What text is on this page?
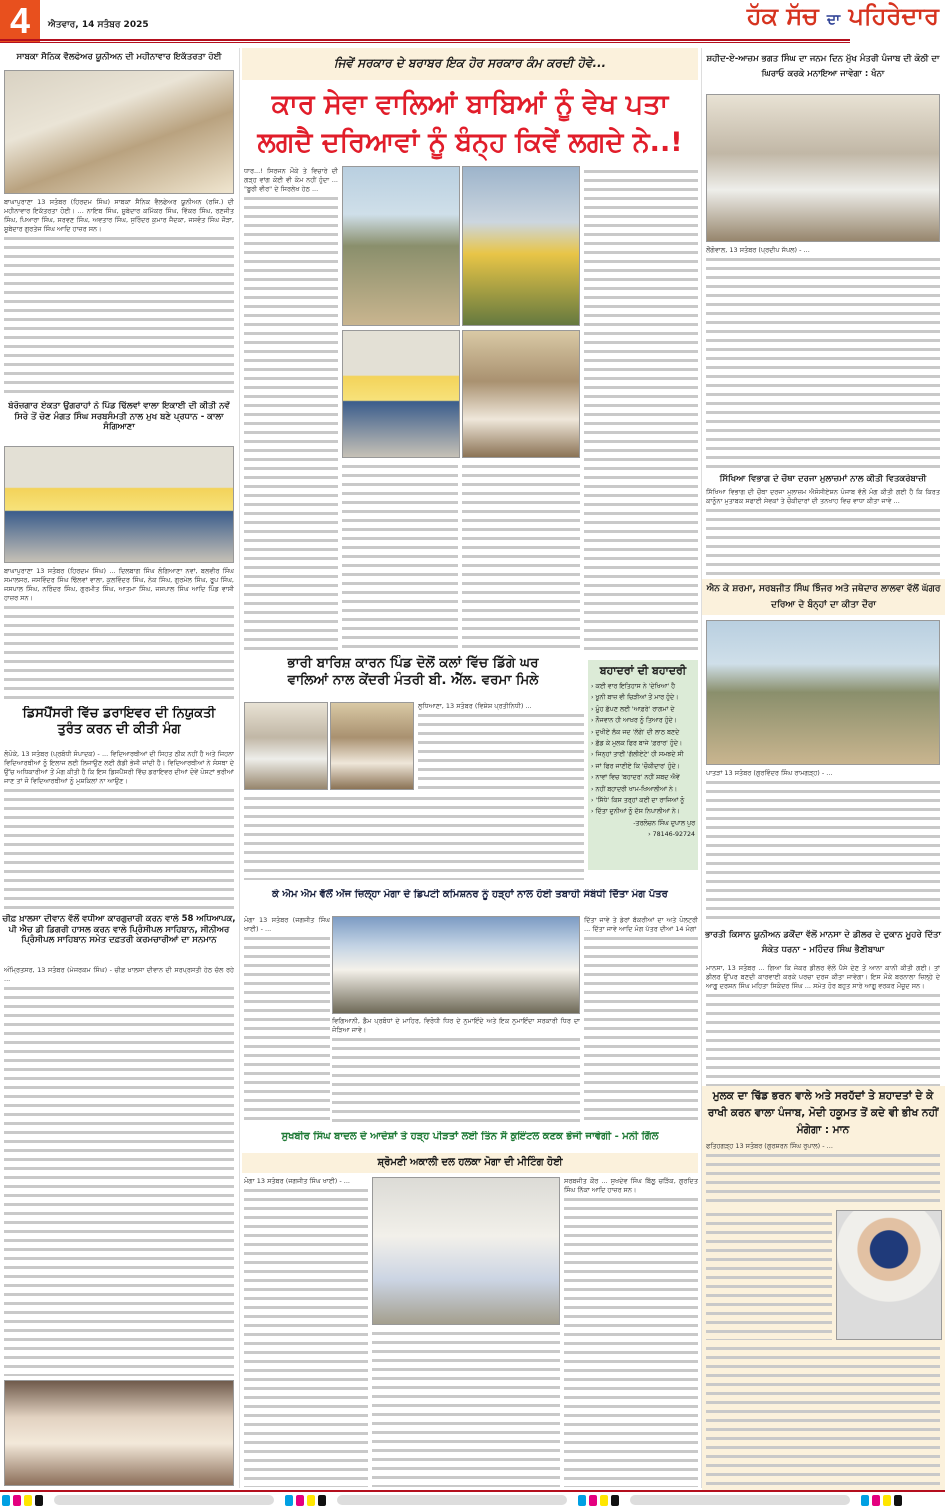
4	ਐਤਵਾਰ, 14 ਸਤੰਬਰ 2025	ਹੱਕ ਸੱਚ ਦਾ ਪਹਿਰੇਦਾਰ
ਸਾਬਕਾ ਸੈਨਿਕ ਵੈਲਫੇਅਰ ਯੂਨੀਅਨ ਦੀ ਮਹੀਨਾਵਾਰ ਇਕੱਤਰਤਾ ਹੋਈ

ਬਾਘਾਪੁਰਾਣਾ 13 ਸਤੰਬਰ (ਹਿਰਦਮ ਸਿੰਘ) ਸਾਬਕਾ ਸੈਨਿਕ ਵੈਲਫੇਅਰ ਯੂਨੀਅਨ (ਰਜਿ.) ਦੀ ਮਹੀਨਾਵਾਰ ਇਕੱਤਰਤਾ ਹੋਈ। ... ਨਾਇਬ ਸਿੰਘ, ਸੂਬੇਦਾਰ ਕਮਿੱਕਰ ਸਿੰਘ, ਵਿੱਕਰ ਸਿੰਘ, ਰਣਜੀਤ ਸਿੰਘ, ਪਿਆਰਾ ਸਿੰਘ, ਸਰਵਣ ਸਿੰਘ, ਅਵਤਾਰ ਸਿੰਘ, ਸੁਰਿੰਦਰ ਕੁਮਾਰ ਜੈਦਕਾ, ਜਸਵੰਤ ਸਿੰਘ ਜੌੜਾ, ਸੂਬੇਦਾਰ ਗੁਰਤੇਜ ਸਿੰਘ ਆਦਿ ਹਾਜ਼ਰ ਸਨ।

ਬੇਰੋਜ਼ਗਾਰ ਏਕਤਾ ਉਗਰਾਹਾਂ ਨੇ ਪਿੰਡ ਢਿੱਲਵਾਂ ਵਾਲਾ ਇਕਾਈ ਦੀ ਕੀਤੀ ਨਵੇਂ ਸਿਰੇ ਤੋਂ ਚੋਣ ਮੰਗਤ ਸਿੰਘ ਸਰਬਸੰਮਤੀ ਨਾਲ ਮੁਖ ਬਣੇ ਪ੍ਰਧਾਨ - ਕਾਲਾ ਸੰਗਿਆਣਾ

ਬਾਘਾਪੁਰਾਣਾ 13 ਸਤੰਬਰ (ਹਿਰਦਮ ਸਿੰਘ) ... ਦਿਲਬਾਗ ਸਿੰਘ ਲੰਗਿਆਣਾ ਨਵਾਂ, ਬਲਵੀਰ ਸਿੰਘ ਸਮਾਲਸਰ, ਜਸਵਿੰਦਰ ਸਿੰਘ ਢਿੱਲਵਾਂ ਵਾਲਾ, ਕੁਲਵਿੰਦਰ ਸਿੰਘ, ਨੇਕ ਸਿੰਘ, ਗੁਰਮੇਲ ਸਿੰਘ, ਰੂਪ ਸਿੰਘ, ਜਸਪਾਲ ਸਿੰਘ, ਨਰਿੰਦਰ ਸਿੰਘ, ਗੁਰਮੀਤ ਸਿੰਘ, ਆਤਮਾ ਸਿੰਘ, ਜਸਪਾਲ ਸਿੰਘ ਆਦਿ ਪਿੰਡ ਵਾਸੀ ਹਾਜ਼ਰ ਸਨ।

ਡਿਸਪੈਂਸਰੀ ਵਿੱਚ ਡਰਾਇਵਰ ਦੀ ਨਿਯੁਕਤੀ
ਤੁਰੰਤ ਕਰਨ ਦੀ ਕੀਤੀ ਮੰਗ

ਲੋਪੋਕੇ, 13 ਸਤੰਬਰ (ਪ੍ਰਬੰਧੀ ਸੰਪਾਦਕ) - ... ਵਿਦਿਆਰਥੀਆਂ ਦੀ ਸਿਹਤ ਠੀਕ ਨਹੀਂ ਹੈ ਅਤੇ ਜਿਹਨਾ ਵਿਦਿਆਰਥੀਆਂ ਨੂੰ ਇਲਾਜ ਲਈ ਲਿਜਾਉਣ ਲਈ ਗੱਡੀ ਭੇਜੀ ਜਾਂਦੀ ਹੈ। ਵਿਦਿਆਰਥੀਆਂ ਨੇ ਸੰਸਥਾ ਦੇ ਉੱਚ ਅਧਿਕਾਰੀਆਂ ਤੋਂ ਮੰਗ ਕੀਤੀ ਹੈ ਕਿ ਇਸ ਡਿਸਪੈਂਸਰੀ ਵਿੱਚ ਡਰਾਇਵਰ ਦੀਆਂ ਦੋਵੇਂ ਪੋਸਟਾਂ ਭਰੀਆਂ ਜਾਣ ਤਾਂ ਜੋ ਵਿਦਿਆਰਥੀਆਂ ਨੂੰ ਮੁਸ਼ਕਿਲਾਂ ਨਾ ਆਉਣ।

ਚੀਫ਼ ਖ਼ਾਲਸਾ ਦੀਵਾਨ ਵੱਲੋਂ ਵਧੀਆ ਕਾਰਗੁਜ਼ਾਰੀ ਕਰਨ ਵਾਲੇ 58 ਅਧਿਆਪਕ, ਪੀ ਐਚ ਡੀ ਡਿਗਰੀ ਹਾਸਲ ਕਰਨ ਵਾਲੇ ਪ੍ਰਿੰਸੀਪਲ ਸਾਹਿਬਾਨ, ਸੀਨੀਅਰ ਪ੍ਰਿੰਸੀਪਲ ਸਾਹਿਬਾਨ ਸਮੇਤ ਦਫ਼ਤਰੀ ਕਰਮਚਾਰੀਆਂ ਦਾ ਸਨਮਾਨ

ਅੰਮ੍ਰਿਤਸਰ, 13 ਸਤੰਬਰ (ਮੇਜਰਕਮ ਸਿੰਘ) - ਚੀਫ਼ ਖ਼ਾਲਸਾ ਦੀਵਾਨ ਦੀ ਸਰਪ੍ਰਸਤੀ ਹੇਠ ਚੱਲ ਰਹੇ ...

ਜਿਵੇਂ ਸਰਕਾਰ ਦੇ ਬਰਾਬਰ ਇਕ ਹੋਰ ਸਰਕਾਰ ਕੰਮ ਕਰਦੀ ਹੋਵੇ...
ਕਾਰ ਸੇਵਾ ਵਾਲਿਆਂ ਬਾਬਿਆਂ ਨੂੰ ਵੇਖ ਪਤਾ
ਲਗਦੈ ਦਰਿਆਵਾਂ ਨੂੰ ਬੰਨ੍ਹ ਕਿਵੇਂ ਲਗਦੇ ਨੇ..!

ਧਾਰ...! ਸਿਰਜਨ ਮੌਕੇ ਤੇ ਵਿਚਾਰੇ ਦੀ ਗੜ੍ਹ ਵਾਂਗ ਕੋਈ ਵੀ ਕੰਮ ਨਹੀਂ ਹੁੰਦਾ ... "ਬੂਰੀ ਵੀਰ" ਦੇ ਸਿਰਲੇਖ ਹੇਠ ...

ਭਾਰੀ ਬਾਰਿਸ਼ ਕਾਰਨ ਪਿੰਡ ਦੋਲੋਂ ਕਲਾਂ ਵਿੱਚ ਡਿੱਗੇ ਘਰ
ਵਾਲਿਆਂ ਨਾਲ ਕੇਂਦਰੀ ਮੰਤਰੀ ਬੀ. ਐੱਲ. ਵਰਮਾ ਮਿਲੇ

ਲੁਧਿਆਣਾ, 13 ਸਤੰਬਰ (ਵਿਸ਼ੇਸ਼ ਪ੍ਰਤੀਨਿਧੀ) ...

ਬਹਾਦਰਾਂ ਦੀ ਬਹਾਦਰੀ
› ਕਈ ਵਾਰ ਇਤਿਹਾਸ ਨੇ 'ਦੇਖਿਆ' ਹੈ
› ਖੂਨੀ ਬਾਜ਼ ਵੀ ਚਿੜੀਆਂ ਤੋਂ ਮਾਰ ਹੁੰਦੇ।
› ਮੂੰਹ ਛੱਪਣ ਲਈ 'ਆਫ਼ਰੇ' ਰਾਗਮਾਂ ਦੇ
› ਨੌਜਵਾਨ ਹੀ ਆਖ਼ਰ ਨੂੰ ਤਿਆਰ ਹੁੰਦੇ।
› ਦੁਖੀਏ ਲੱਕ ਜਦ 'ਲੱਗੇ' ਦੀ ਲਾਠ ਬਣਦੇ
› ਛੱਡ ਕੇ ਮੁਲਕ ਫਿਰ ਬਾਜੇ 'ਫ਼ਰਾਰ' ਹੁੰਦੇ।
› ਜਿਨ੍ਹਾਂ ਤਾਈਂ 'ਗੱਲੀਏਟੇ' ਹੀ ਸਮਝਦੇ ਸੀ
› ਜਾਂ ਫਿਰ ਜਾਣੀਏ ਕਿ 'ਚੌਕੀਦਾਰ' ਹੁੰਦੇ।
› ਨਾਵਾਂ ਵਿਚ 'ਬਹਾਦਰ' ਨਹੀਂ ਸ਼ਬਦ ਐਵੇਂ
› ਨਹੀਂ ਬਹਾਦਰੀ ਖਾਮ-ਖਿਆਲੀਆਂ ਨੇ।
› 'ਸਿੱਧੇ' ਕਿਸ ਤਰ੍ਹਾਂ ਕਈ ਦਾ ਰਾਜਿਆਂ ਨੂੰ
› ਦਿੱਤਾ ਦੁਨੀਆਂ ਨੂੰ ਦੱਸ ਨਿਪਾਲੀਆਂ ਨੇ।
-ਤਰਲੋਚਨ ਸਿੰਘ ਦੁਪਾਲ ਪੁਰ
› 78146-92724
ਕੇ ਐਮ ਐਮ ਵੱਲੋਂ ਅੱਜ ਜ਼ਿਲ੍ਹਾ ਮੋਗਾ ਦੇ ਡਿਪਟੀ ਕਮਿਸ਼ਨਰ ਨੂੰ ਹੜ੍ਹਾਂ ਨਾਲ ਹੋਈ ਤਬਾਹੀ ਸੰਬੰਧੀ ਦਿੱਤਾ ਮੰਗ ਪੱਤਰ

ਮੋਗਾ 13 ਸਤੰਬਰ (ਜਗਜੀਤ ਸਿੰਘ ਖਾਈ) - ...

ਵਿਗਿਆਨੀ, ਡੈਮ ਪ੍ਰਬੰਧਾਂ ਦੇ ਮਾਹਿਰ, ਵਿਰੋਧੀ ਧਿਰ ਦੇ ਨੁਮਾਇੰਦੇ ਅਤੇ ਇਕ ਨੁਮਾਇੰਦਾ ਸਰਕਾਰੀ ਧਿਰ ਦਾ ਜੋੜਿਆ ਜਾਵੇ।

ਦਿੱਤਾ ਜਾਵੇ ਤੇ ਡੇਰਾਂ ਬੱਕਰੀਆਂ ਦਾ ਅਤੇ ਪੋਲਟਰੀ ... ਦਿੱਤਾ ਜਾਵੇ ਆਦਿ ਮੰਗ ਪੱਤਰ ਦੀਆਂ 14 ਮੰਗਾਂ

ਸੁਖਬੀਰ ਸਿੰਘ ਬਾਦਲ ਦੇ ਆਦੇਸ਼ਾਂ ਤੇ ਹੜ੍ਹ ਪੀੜਤਾਂ ਲਈ ਤਿੰਨ ਸੌ ਕੁਇੰਟਲ ਕਣਕ ਭੇਜੀ ਜਾਵੇਗੀ - ਮਨੀ ਗਿੱਲ
ਸ਼੍ਰੋਮਣੀ ਅਕਾਲੀ ਦਲ ਹਲਕਾ ਮੋਗਾ ਦੀ ਮੀਟਿੰਗ ਹੋਈ

ਮੋਗਾ 13 ਸਤੰਬਰ (ਜਗਜੀਤ ਸਿੰਘ ਖਾਈ) - ...	ਸਰਬਜੀਤ ਕੌਰ ... ਸੁਖਦੇਵ ਸਿੰਘ ਬਿੱਲੂ ਚੜਿੱਕ, ਗੁਰਦਿਤ ਸਿੰਘ ਨਿੱਕਾ ਆਦਿ ਹਾਜ਼ਰ ਸਨ।

ਸ਼ਹੀਦ-ਏ-ਆਜ਼ਮ ਭਗਤ ਸਿੰਘ ਦਾ ਜਨਮ ਦਿਨ ਮੁੱਖ ਮੰਤਰੀ ਪੰਜਾਬ ਦੀ ਕੋਠੀ ਦਾ ਘਿਰਾਓ ਕਰਕੇ ਮਨਾਇਆ ਜਾਵੇਗਾ : ਖੰਨਾ

ਲੌਂਗੋਵਾਲ, 13 ਸਤੰਬਰ (ਪ੍ਰਦੀਪ ਸੱਪਲ) - ...

ਸਿੱਖਿਆ ਵਿਭਾਗ ਦੇ ਚੌਥਾ ਦਰਜਾ ਮੁਲਾਜ਼ਮਾਂ ਨਾਲ ਕੀਤੀ ਵਿਤਕਰੇਬਾਜ਼ੀ

ਸਿੱਖਿਆ ਵਿਭਾਗ ਦੀ ਚੌਥਾ ਦਰਜਾ ਮੁਲਾਜ਼ਮ ਐਸੋਸੀਏਸ਼ਨ ਪੰਜਾਬ ਵੱਲੋਂ ਮੰਗ ਕੀਤੀ ਗਈ ਹੈ ਕਿ ਕਿਰਤ ਕਾਨੂੰਨਾ ਮੁਤਾਬਕ ਸਫਾਈ ਸੇਵਕਾਂ ਤੇ ਚੌਕੀਦਾਰਾਂ ਦੀ ਤਨਖਾਹ ਵਿਚ ਵਾਧਾ ਕੀਤਾ ਜਾਵੇ ...

ਐਨ ਕੇ ਸ਼ਰਮਾ, ਸਰਬਜੀਤ ਸਿੰਘ ਝਿੰਜਰ ਅਤੇ ਜਥੇਦਾਰ ਲਾਲਵਾ ਵੱਲੋਂ ਘੱਗਰ ਦਰਿਆ ਦੇ ਬੰਨ੍ਹਾਂ ਦਾ ਕੀਤਾ ਦੌਰਾ

ਪਾਤੜਾਂ 13 ਸਤੰਬਰ (ਗੁਰਵਿੰਦਰ ਸਿੰਘ ਰਾਮਗੜ੍ਹ) - ...

ਭਾਰਤੀ ਕਿਸਾਨ ਯੂਨੀਅਨ ਡਕੌਂਦਾ ਵੱਲੋਂ ਮਾਨਸਾ ਦੇ ਡੀਲਰ ਦੇ ਦੁਕਾਨ ਮੂਹਰੇ ਦਿੱਤਾ ਸੰਕੇਤ ਧਰਨਾ - ਮਹਿੰਦਰ ਸਿੰਘ ਭੈਣੀਬਾਘਾ

ਮਾਨਸਾ, 13 ਸਤੰਬਰ ... ਗਿਆ ਕਿ ਜੇਕਰ ਡੀਲਰ ਵੱਲੋਂ ਪੈਸੇ ਦੇਣ ਤੋਂ ਆਨਾ ਕਾਨੀ ਕੀਤੀ ਗਈ। ਤਾਂ ਡੀਲਰ ਉੱਪਰ ਬਣਦੀ ਕਾਰਵਾਈ ਕਰਕੇ ਪਰਚਾ ਦਰਜ ਕੀਤਾ ਜਾਵੇਗਾ। ਇਸ ਮੌਕੇ ਬਰਨਾਲਾ ਜ਼ਿਲ੍ਹੇ ਦੇ ਆਗੂ ਦਰਸ਼ਨ ਸਿੰਘ ਮਹਿਤਾ ਸਿਕੰਦਰ ਸਿੰਘ ... ਸਮੇਤ ਹੋਰ ਬਹੁਤ ਸਾਰੇ ਆਗੂ ਵਰਕਰ ਮੌਜੂਦ ਸਨ।

ਮੁਲਕ ਦਾ ਢਿੱਡ ਭਰਨ ਵਾਲੇ ਅਤੇ ਸਰਹੱਦਾਂ ਤੇ ਸ਼ਹਾਦਤਾਂ ਦੇ ਕੇ ਰਾਖੀ ਕਰਨ ਵਾਲਾ ਪੰਜਾਬ, ਮੋਦੀ ਹਕੂਮਤ ਤੋਂ ਕਦੇ ਵੀ ਭੀਖ ਨਹੀਂ ਮੰਗੇਗਾ : ਮਾਨ

ਫਤਿਹਗੜ੍ਹ 13 ਸਤੰਬਰ (ਗੁਰਸ਼ਰਨ ਸਿੰਘ ਰੁਪਾਲ) - ...
